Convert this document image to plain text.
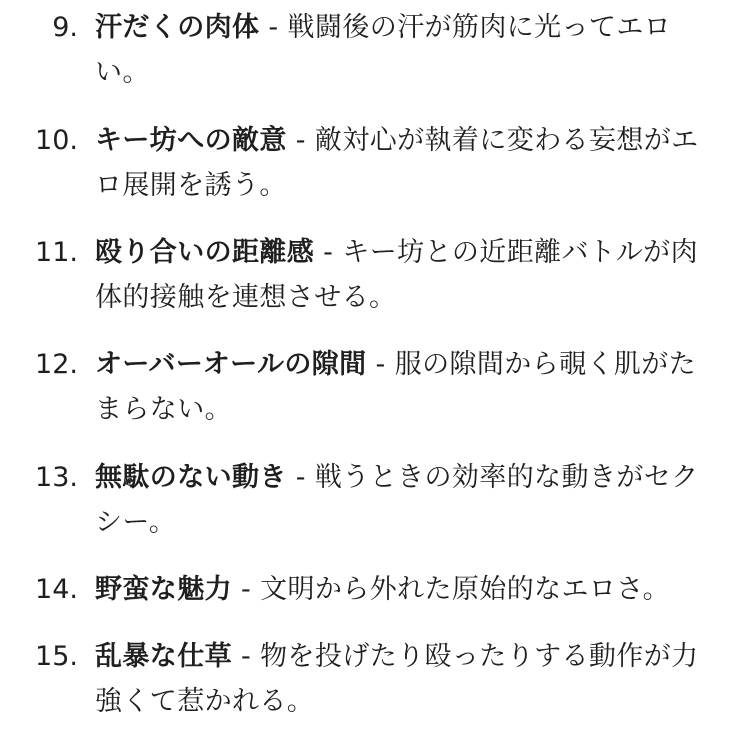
9. 汗だくの肉体 - 戦闘後の汗が筋肉に光ってエロい。
10. キー坊への敵意 - 敵対心が執着に変わる妄想がエロ展開を誘う。
11. 殴り合いの距離感 - キー坊との近距離バトルが肉体的接触を連想させる。
12. オーバーオールの隙間 - 服の隙間から覗く肌がたまらない。
13. 無駄のない動き - 戦うときの効率的な動きがセクシー。
14. 野蛮な魅力 - 文明から外れた原始的なエロさ。
15. 乱暴な仕草 - 物を投げたり殴ったりする動作が力強くて惹かれる。
